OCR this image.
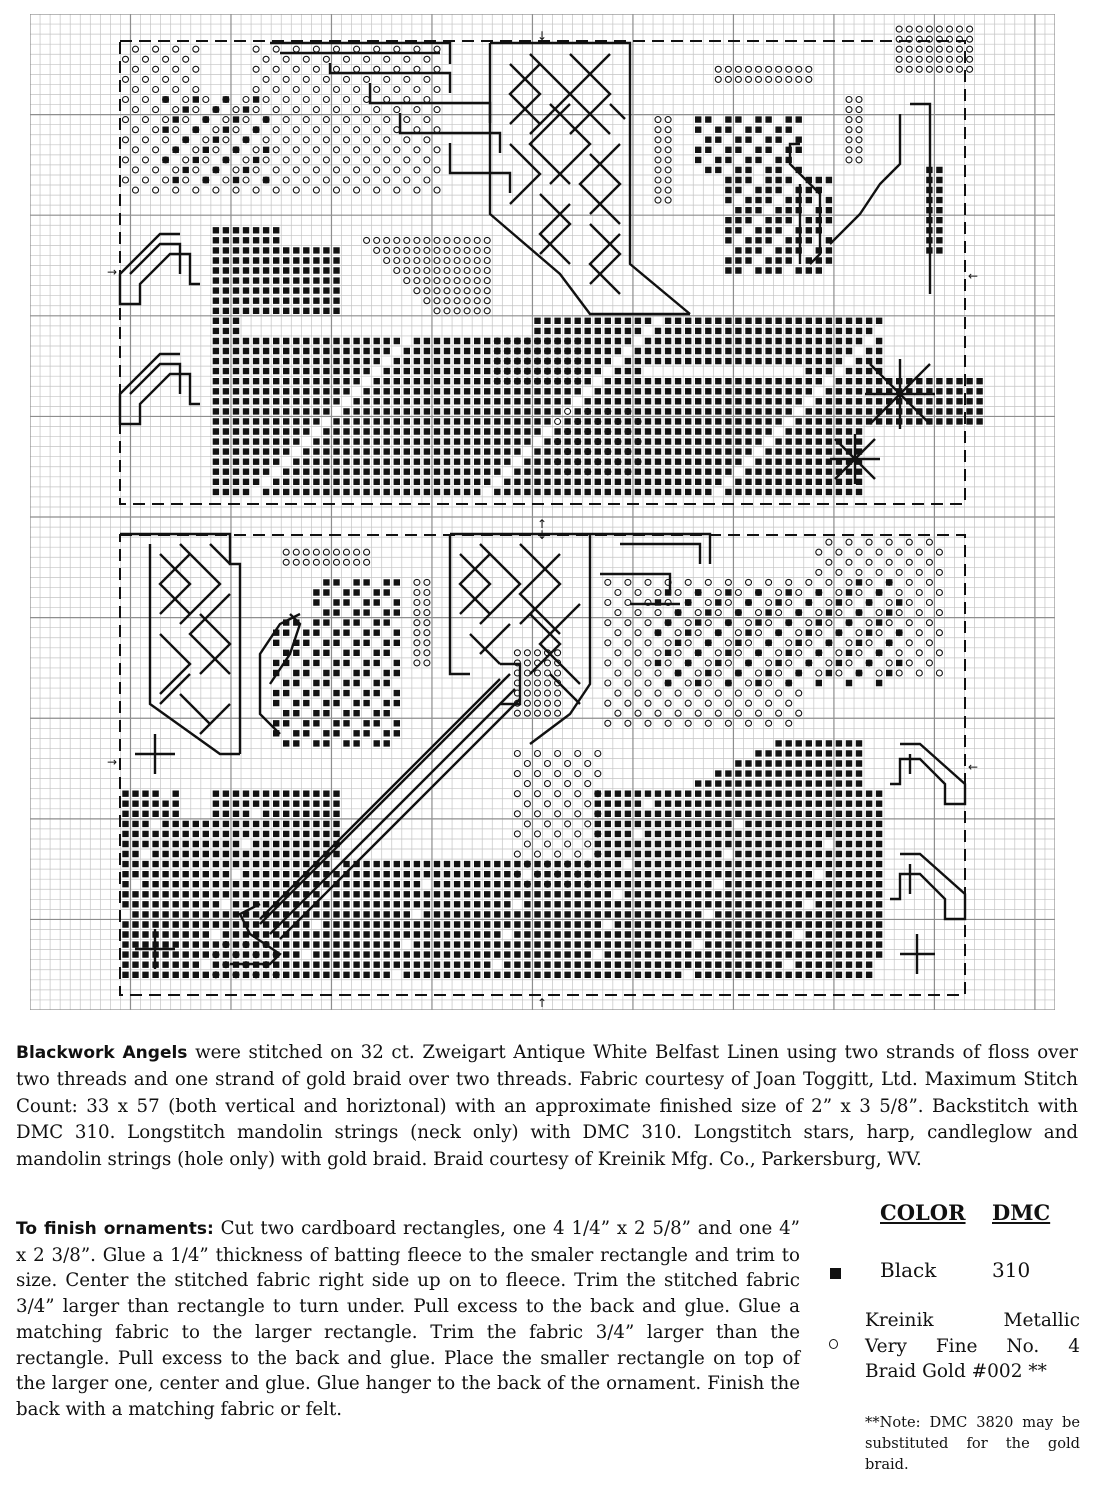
↓
→	←
↑
↓
→	←
↑

Blackwork Angels were stitched on 32 ct. Zweigart Antique White Belfast Linen using two strands of floss over two threads and one strand of gold braid over two threads. Fabric courtesy of Joan Toggitt, Ltd. Maximum Stitch Count: 33 x 57 (both vertical and horiztonal) with an approximate finished size of 2” x 3 5/8”. Backstitch with DMC 310. Longstitch mandolin strings (neck only) with DMC 310. Longstitch stars, harp, candleglow and mandolin strings (hole only) with gold braid. Braid courtesy of Kreinik Mfg. Co., Parkersburg, WV.

To finish ornaments: Cut two cardboard rectangles, one 4 1/4” x 2 5/8” and one 4” x 2 3/8”. Glue a 1/4” thickness of batting fleece to the smaler rectangle and trim to size. Center the stitched fabric right side up on to fleece. Trim the stitched fabric 3/4” larger than rectangle to turn under. Pull excess to the back and glue. Glue a matching fabric to the larger rectangle. Trim the fabric 3/4” larger than the rectangle. Pull excess to the back and glue. Place the smaller rectangle on top of the larger one, center and glue. Glue hanger to the back of the ornament. Finish the back with a matching fabric or felt.

COLOR DMC
Black	310

Kreinik Metallic
Very Fine No. 4
Braid Gold #002 **

**Note: DMC 3820 may be substituted for the gold braid.
